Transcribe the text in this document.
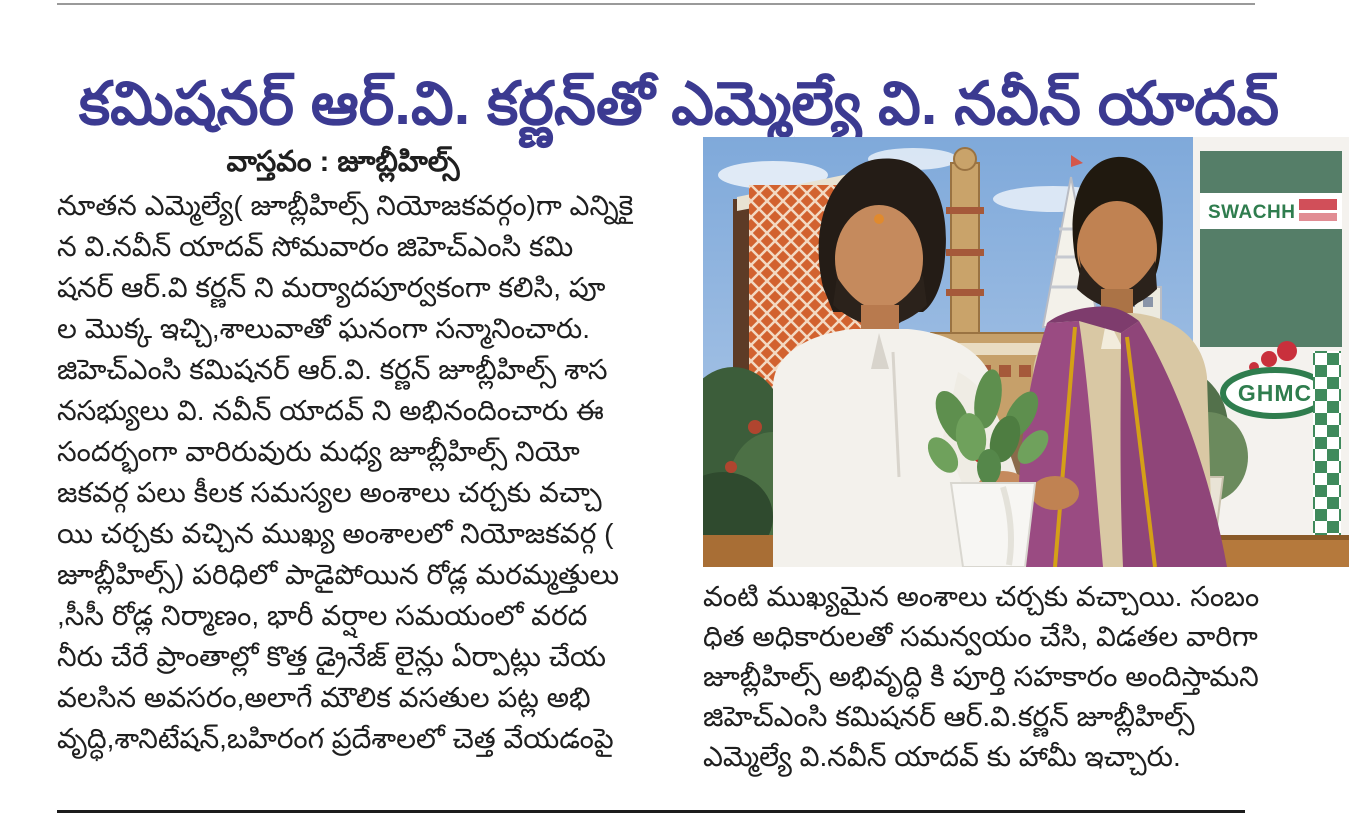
కమిషనర్ ఆర్.వి. కర్ణన్‌తో ఎమ్మెల్యే వి. నవీన్ యాదవ్
వాస్తవం : జూబ్లీహిల్స్
నూతన ఎమ్మెల్యే( జూబ్లీహిల్స్ నియోజకవర్గం)గా ఎన్నికై
న వి.నవీన్ యాదవ్ సోమవారం జిహెచ్ఎంసి కమి
షనర్ ఆర్.వి కర్ణన్ ని మర్యాదపూర్వకంగా కలిసి, పూ
ల మొక్క ఇచ్చి,శాలువాతో ఘనంగా సన్మానించారు.
జిహెచ్ఎంసి కమిషనర్ ఆర్.వి. కర్ణన్ జూబ్లీహిల్స్ శాస
నసభ్యులు వి. నవీన్ యాదవ్ ని అభినందించారు ఈ
సందర్భంగా వారిరువురు మధ్య జూబ్లీహిల్స్ నియో
జకవర్గ పలు కీలక సమస్యల అంశాలు చర్చకు వచ్చా
యి చర్చకు వచ్చిన ముఖ్య అంశాలలో నియోజకవర్గ (
జూబ్లీహిల్స్) పరిధిలో పాడైపోయిన రోడ్ల మరమ్మత్తులు
,సీసీ రోడ్ల నిర్మాణం, భారీ వర్షాల సమయంలో వరద
నీరు చేరే ప్రాంతాల్లో కొత్త డ్రైనేజ్ లైన్లు ఏర్పాట్లు చేయ
వలసిన అవసరం,అలాగే మౌలిక వసతుల పట్ల అభి
వృద్ధి,శానిటేషన్,బహిరంగ ప్రదేశాలలో చెత్త వేయడంపై
SWACHH
GHMC
వంటి ముఖ్యమైన అంశాలు చర్చకు వచ్చాయి. సంబం
ధిత అధికారులతో సమన్వయం చేసి, విడతల వారిగా
జూబ్లీహిల్స్ అభివృద్ధి కి పూర్తి సహకారం అందిస్తామని
జిహెచ్ఎంసి కమిషనర్ ఆర్.వి.కర్ణన్ జూబ్లీహిల్స్
ఎమ్మెల్యే వి.నవీన్ యాదవ్ కు హామీ ఇచ్చారు.
